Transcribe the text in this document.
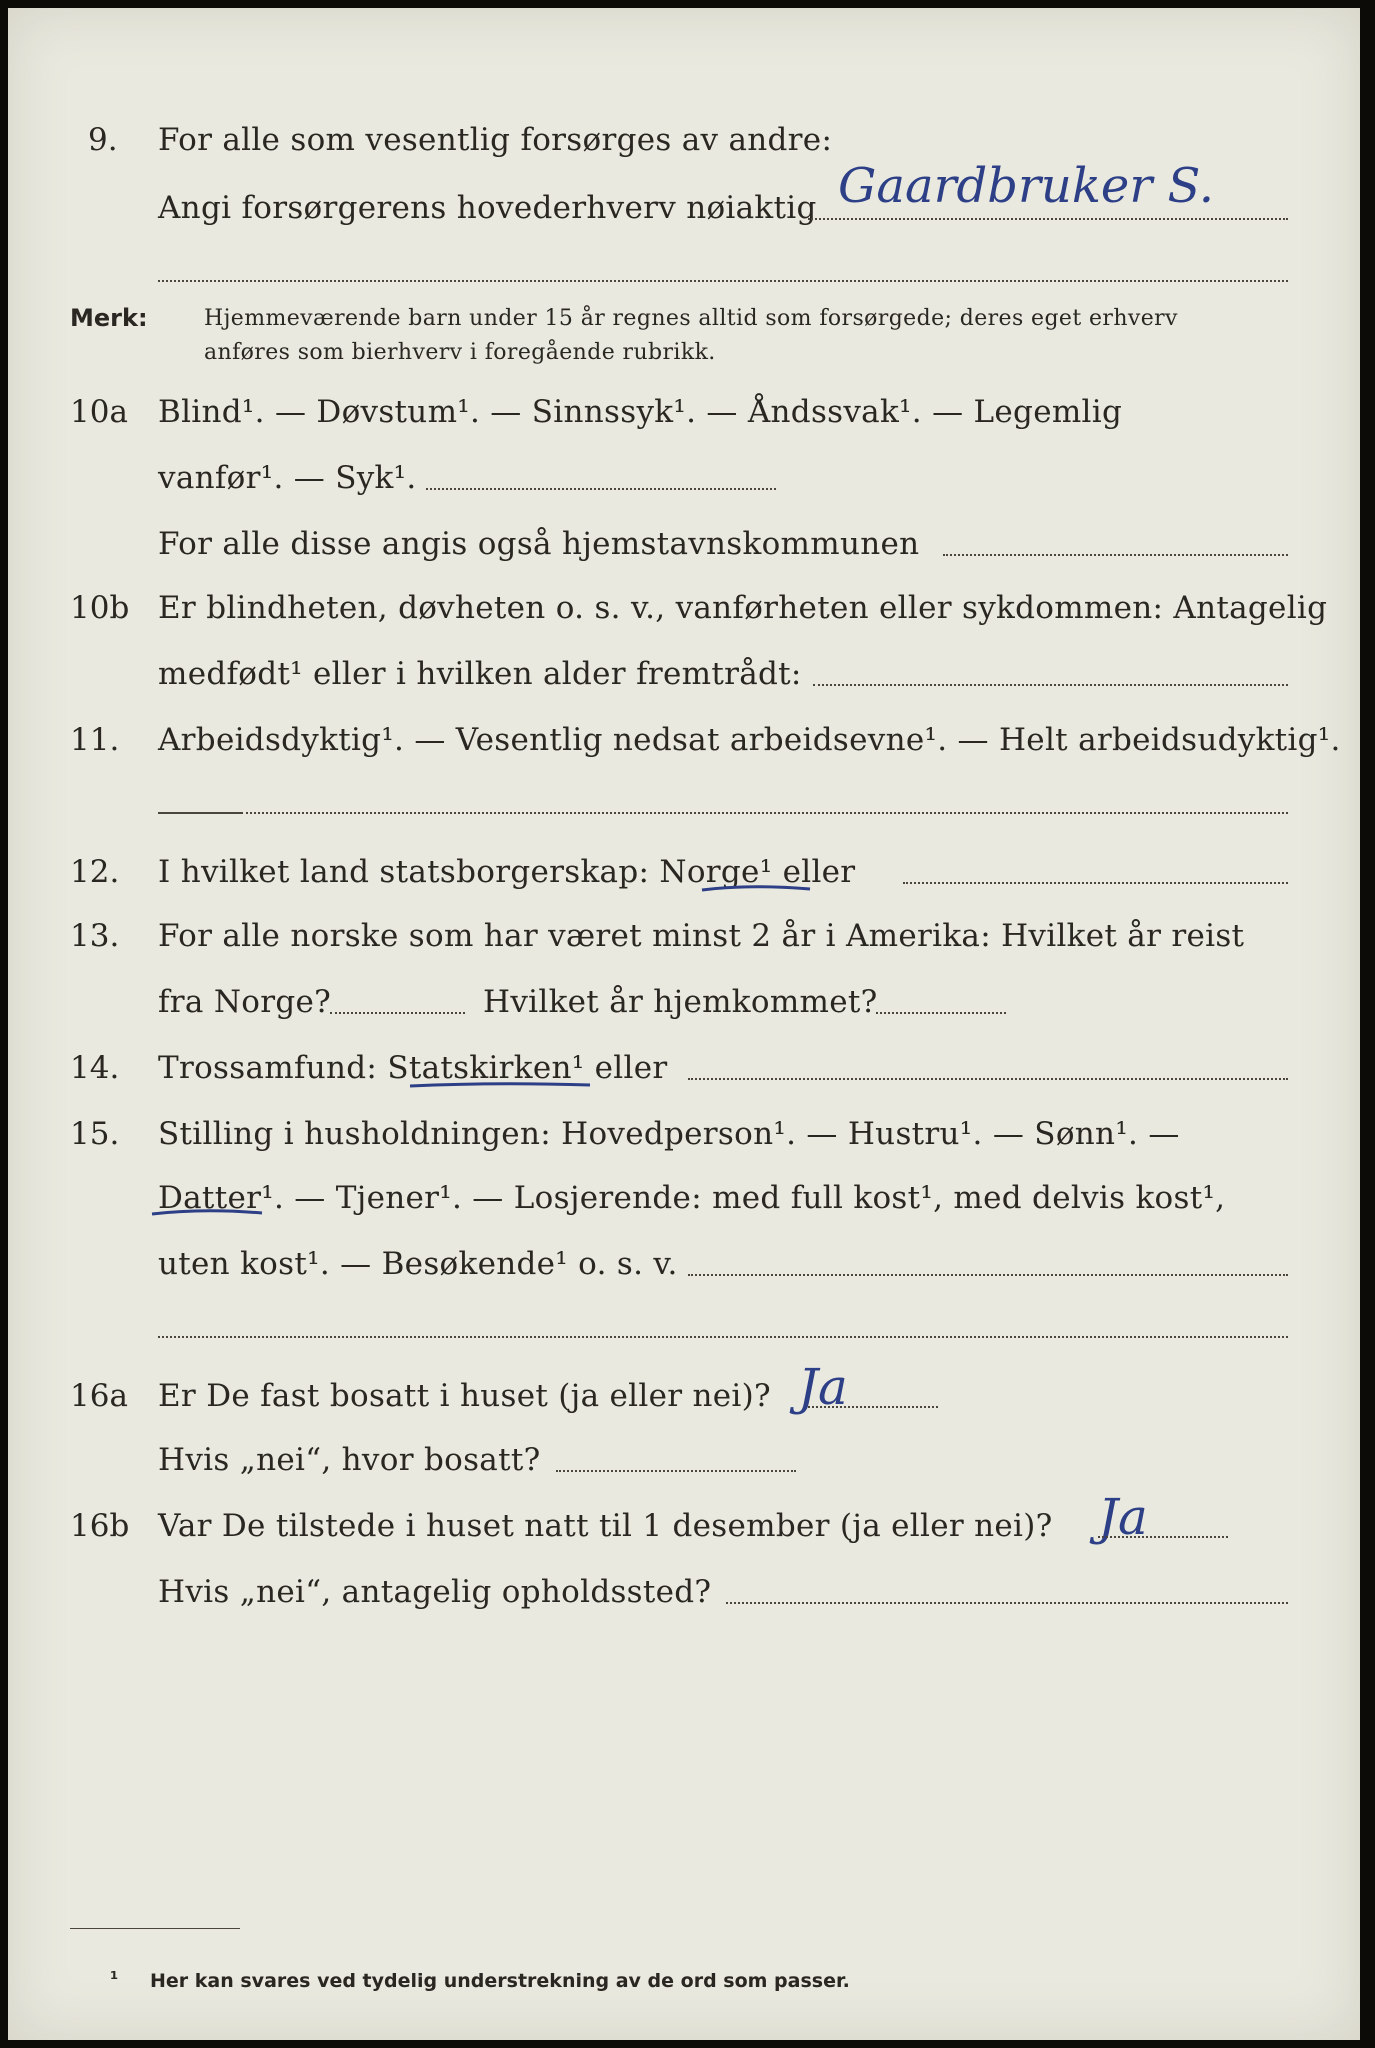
9. For alle som vesentlig forsørges av andre:
Angi forsørgerens hovederhverv nøiaktig Gaardbruker S.
Merk:	Hjemmeværende barn under 15 år regnes alltid som forsørgede; deres eget erhverv
anføres som bierhverv i foregående rubrikk.
10a Blind¹. — Døvstum¹. — Sinnssyk¹. — Åndssvak¹. — Legemlig
vanfør¹. — Syk¹.
For alle disse angis også hjemstavnskommunen
10b Er blindheten, døvheten o. s. v., vanførheten eller sykdommen: Antagelig
medfødt¹ eller i hvilken alder fremtrådt:
11. Arbeidsdyktig¹. — Vesentlig nedsat arbeidsevne¹. — Helt arbeidsudyktig¹.
12. I hvilket land statsborgerskap: Norge¹ eller
13. For alle norske som har været minst 2 år i Amerika: Hvilket år reist
fra Norge?	Hvilket år hjemkommet?
14. Trossamfund: Statskirken¹ eller
15. Stilling i husholdningen: Hovedperson¹. — Hustru¹. — Sønn¹. —
Datter¹. — Tjener¹. — Losjerende: med full kost¹, med delvis kost¹,
uten kost¹. — Besøkende¹ o. s. v.
16a Er De fast bosatt i huset (ja eller nei)? Ja
Hvis „nei“, hvor bosatt?
16b Var De tilstede i huset natt til 1 desember (ja eller nei)? Ja
Hvis „nei“, antagelig opholdssted?
¹ Her kan svares ved tydelig understrekning av de ord som passer.
